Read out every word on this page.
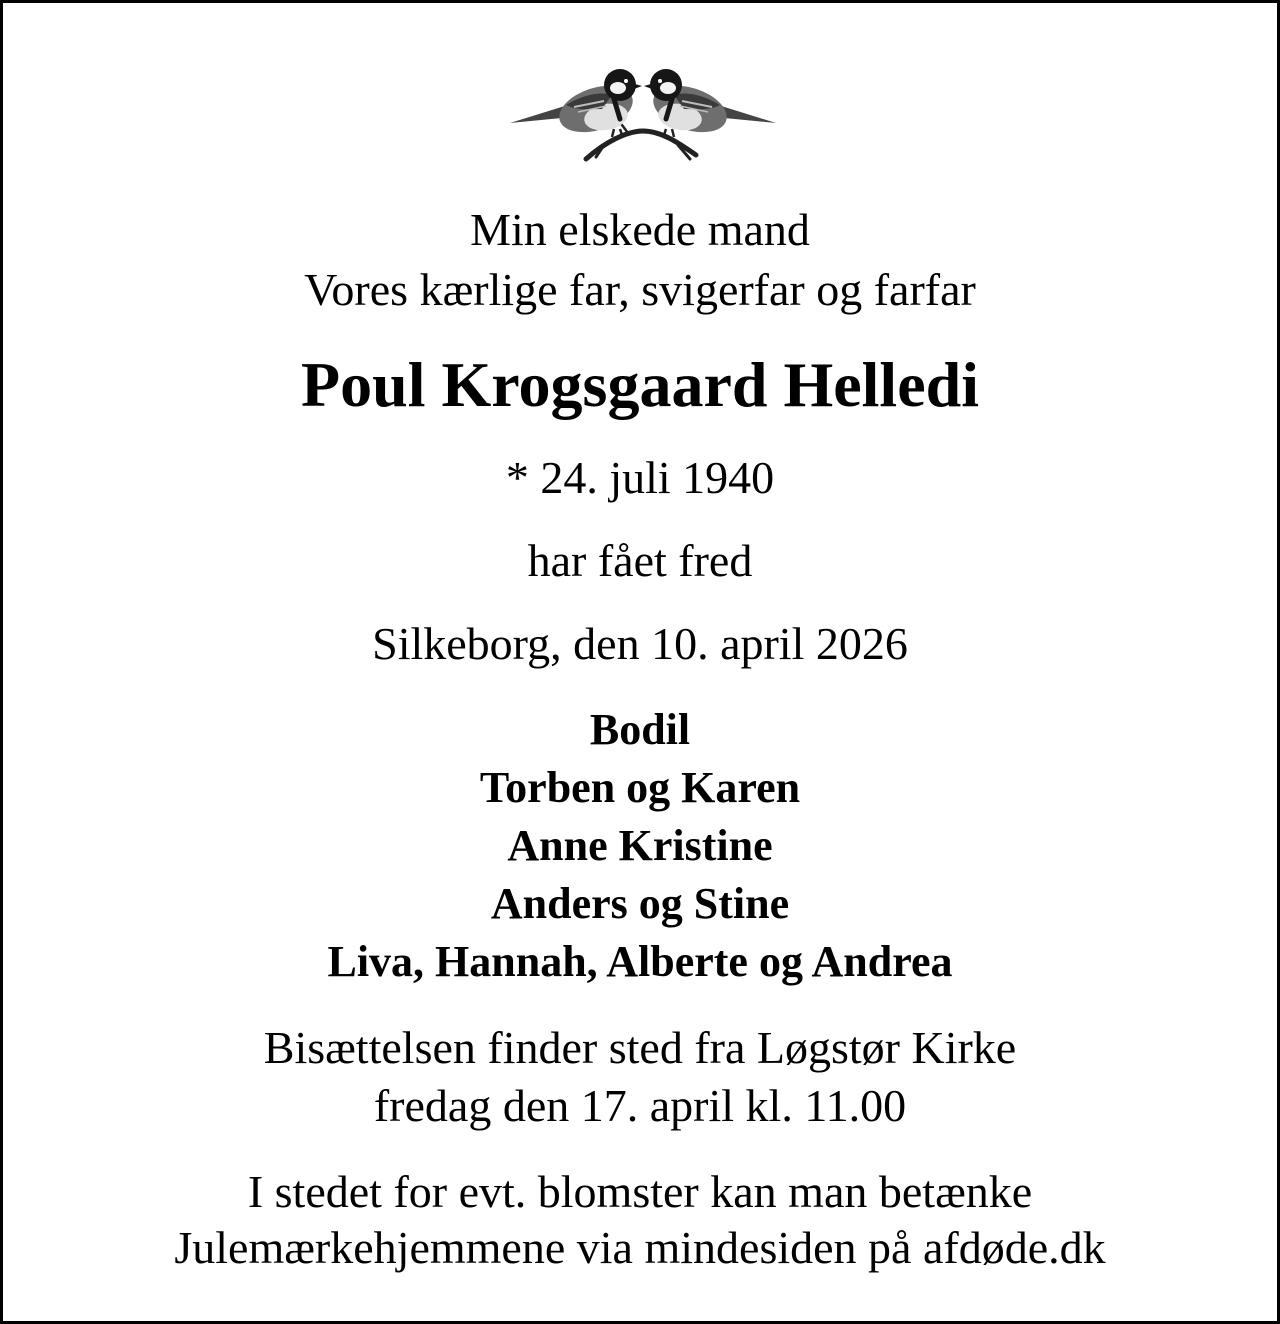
Min elskede mand

Vores kærlige far, svigerfar og farfar

Poul Krogsgaard Helledi

* 24. juli 1940

har fået fred

Silkeborg, den 10. april 2026

Bodil

Torben og Karen

Anne Kristine

Anders og Stine

Liva, Hannah, Alberte og Andrea

Bisættelsen finder sted fra Løgstør Kirke

fredag den 17. april kl. 11.00

I stedet for evt. blomster kan man betænke

Julemærkehjemmene via mindesiden på afdøde.dk
